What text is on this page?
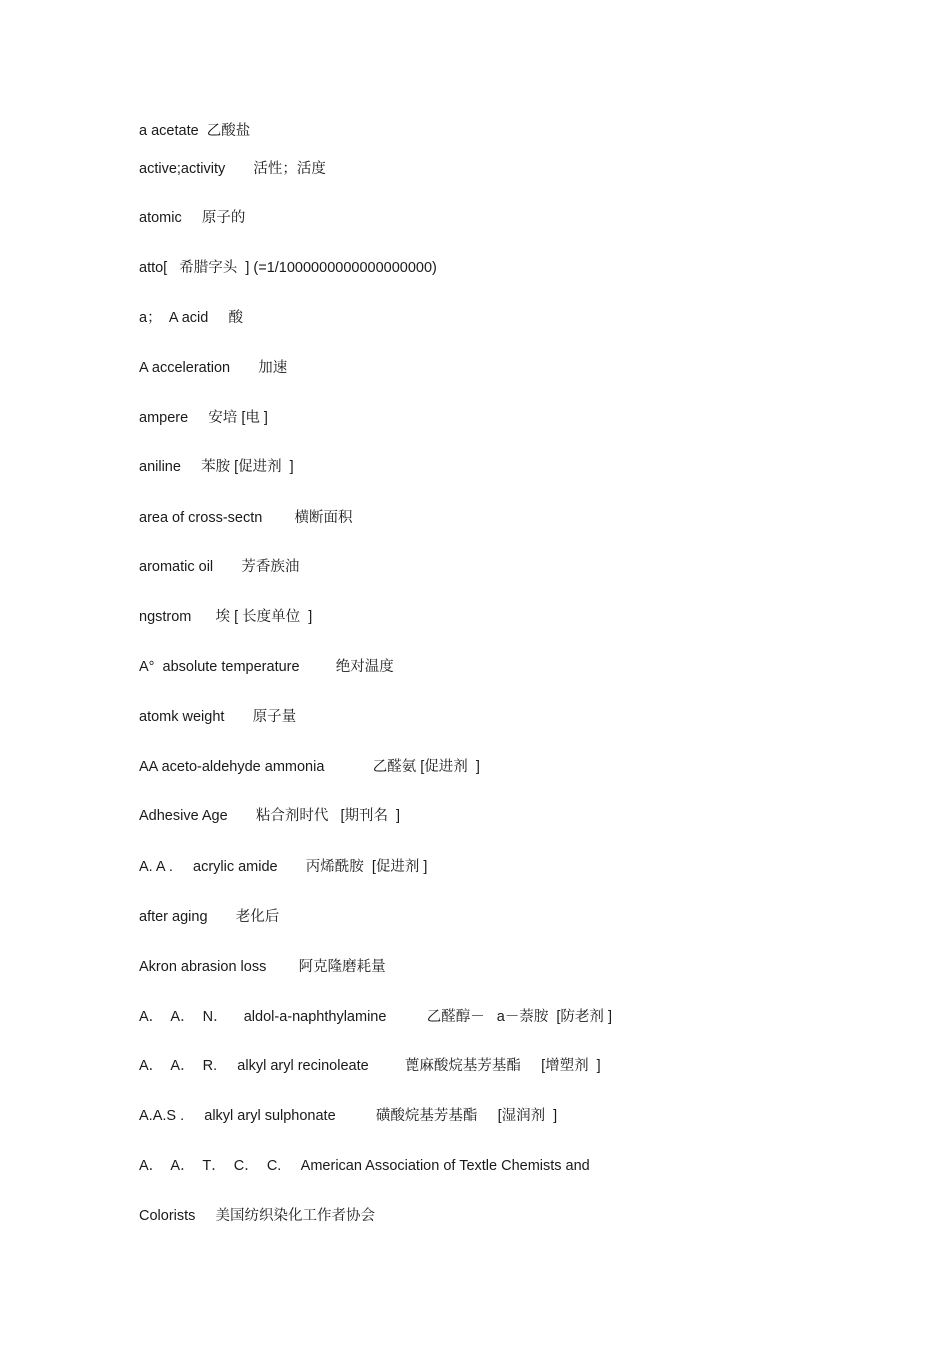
a acetate  乙酸盐

active;activity       活性；活度

atomic     原子的

atto[   希腊字头  ] (=1/1000000000000000000)

a；  A acid     酸

A acceleration       加速

ampere     安培 [电 ]

aniline     苯胺 [促进剂  ]

area of cross-sectn        横断面积

aromatic oil       芳香族油

ngstrom      埃 [ 长度单位  ]

A°  absolute temperature         绝对温度

atomk weight       原子量

AA aceto-aldehyde ammonia            乙醛氨 [促进剂  ]

Adhesive Age       粘合剂时代   [期刊名  ]

A. A .     acrylic amide       丙烯酰胺  [促进剂 ]

after aging       老化后

Akron abrasion loss        阿克隆磨耗量

A．  A．  N．    aldol-a-naphthylamine          乙醛醇－   a－萘胺  [防老剂 ]

A．  A．  R.     alkyl aryl recinoleate         蓖麻酸烷基芳基酯     [增塑剂  ]

A.A.S .     alkyl aryl sulphonate          磺酸烷基芳基酯     [湿润剂  ]

A．  A．  T．  C．  C.     American Association of Textle Chemists and

Colorists     美国纺织染化工作者协会
